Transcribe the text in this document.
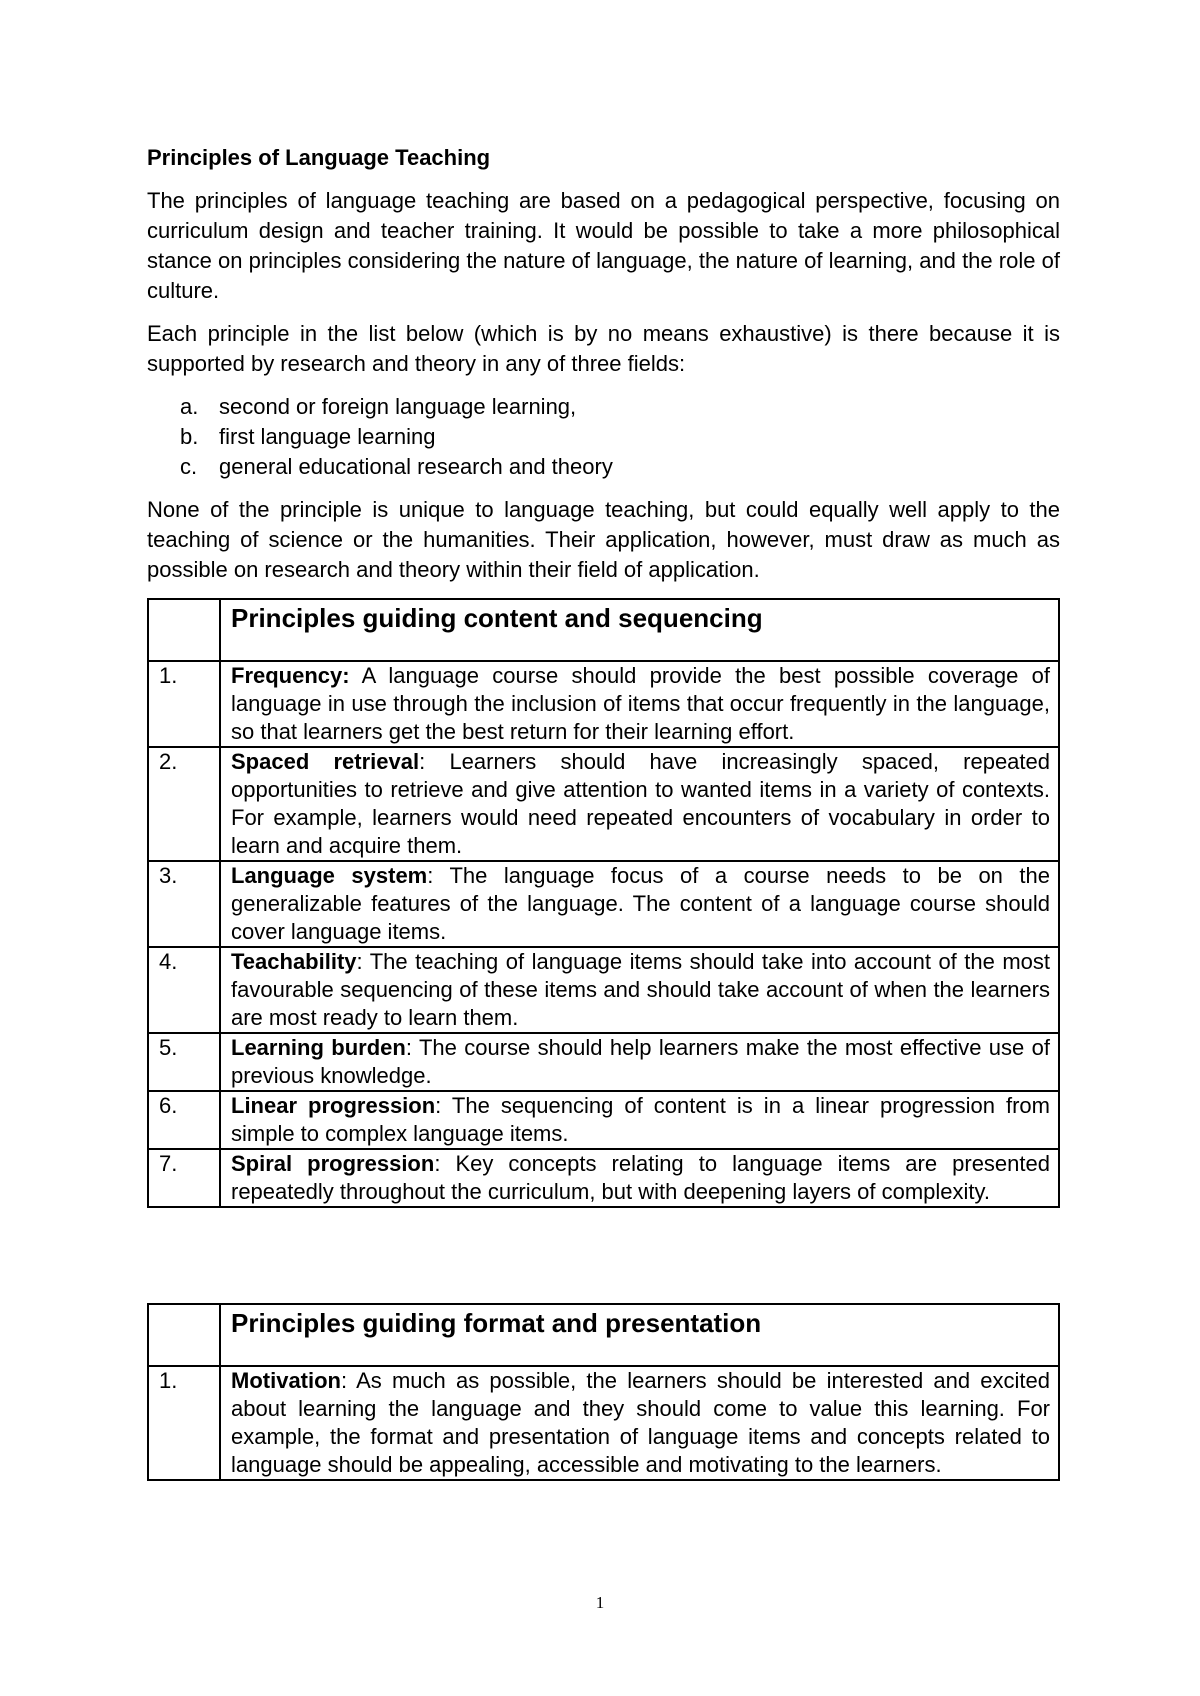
Principles of Language Teaching

The principles of language teaching are based on a pedagogical perspective, focusing on curriculum design and teacher training. It would be possible to take a more philosophical stance on principles considering the nature of language, the nature of learning, and the role of culture.

Each principle in the list below (which is by no means exhaustive) is there because it is supported by research and theory in any of three fields:

a. second or foreign language learning,
b. first language learning
c. general educational research and theory

None of the principle is unique to language teaching, but could equally well apply to the teaching of science or the humanities. Their application, however, must draw as much as possible on research and theory within their field of application.

	Principles guiding content and sequencing
1.	Frequency: A language course should provide the best possible coverage of language in use through the inclusion of items that occur frequently in the language, so that learners get the best return for their learning effort.
2.	Spaced retrieval: Learners should have increasingly spaced, repeated opportunities to retrieve and give attention to wanted items in a variety of contexts. For example, learners would need repeated encounters of vocabulary in order to learn and acquire them.
3.	Language system: The language focus of a course needs to be on the generalizable features of the language. The content of a language course should cover language items.
4.	Teachability: The teaching of language items should take into account of the most favourable sequencing of these items and should take account of when the learners are most ready to learn them.
5.	Learning burden: The course should help learners make the most effective use of previous knowledge.
6.	Linear progression: The sequencing of content is in a linear progression from simple to complex language items.
7.	Spiral progression: Key concepts relating to language items are presented repeatedly throughout the curriculum, but with deepening layers of complexity.
	Principles guiding format and presentation
1.	Motivation: As much as possible, the learners should be interested and excited about learning the language and they should come to value this learning. For example, the format and presentation of language items and concepts related to language should be appealing, accessible and motivating to the learners.
1
